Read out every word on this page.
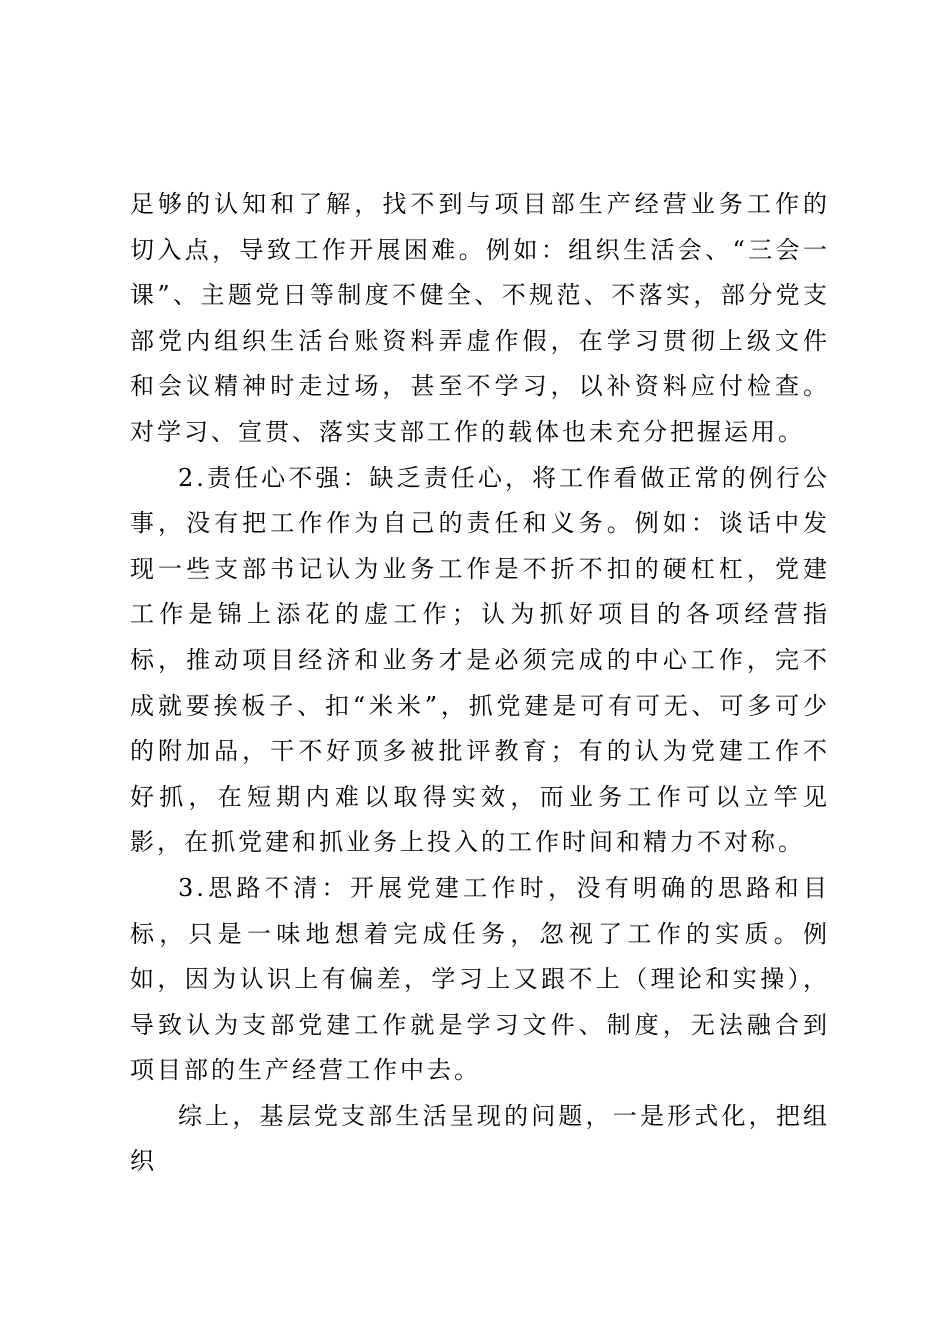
足够的认知和了解，找不到与项目部生产经营业务工作的切入点，导致工作开展困难。例如：组织生活会、“三会一课”、主题党日等制度不健全、不规范、不落实，部分党支部党内组织生活台账资料弄虚作假，在学习贯彻上级文件和会议精神时走过场，甚至不学习，以补资料应付检查。对学习、宣贯、落实支部工作的载体也未充分把握运用。

2.责任心不强：缺乏责任心，将工作看做正常的例行公事，没有把工作作为自己的责任和义务。例如：谈话中发现一些支部书记认为业务工作是不折不扣的硬杠杠，党建工作是锦上添花的虚工作；认为抓好项目的各项经营指标，推动项目经济和业务才是必须完成的中心工作，完不成就要挨板子、扣“米米”，抓党建是可有可无、可多可少的附加品，干不好顶多被批评教育；有的认为党建工作不好抓，在短期内难以取得实效，而业务工作可以立竿见影，在抓党建和抓业务上投入的工作时间和精力不对称。

3.思路不清：开展党建工作时，没有明确的思路和目标，只是一味地想着完成任务，忽视了工作的实质。例如，因为认识上有偏差，学习上又跟不上（理论和实操），导致认为支部党建工作就是学习文件、制度，无法融合到项目部的生产经营工作中去。

综上，基层党支部生活呈现的问题，一是形式化，把组织
